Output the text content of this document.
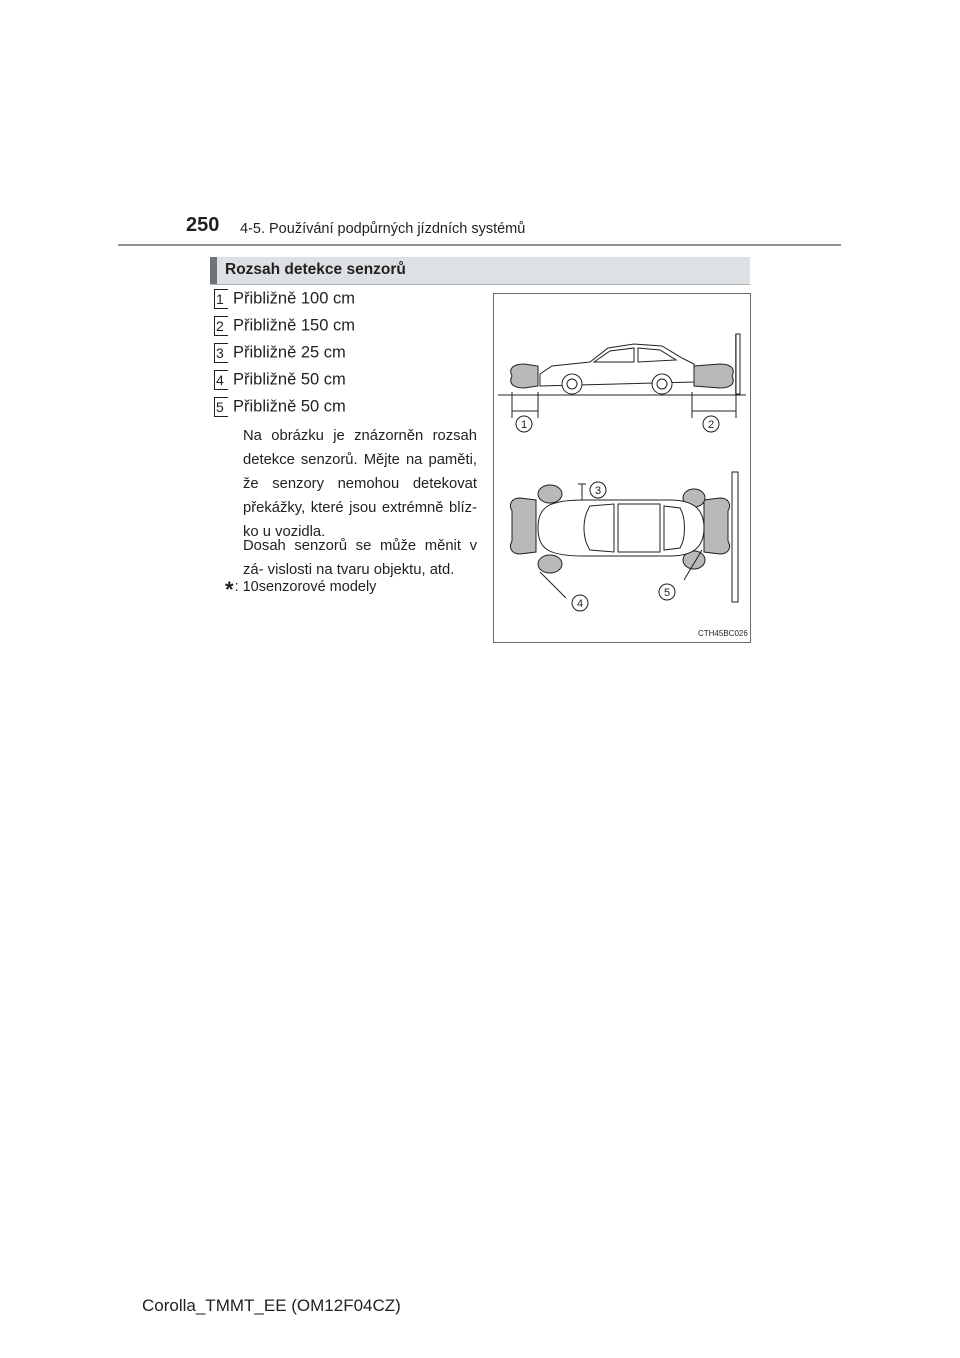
250 4-5. Používání podpůrných jízdních systémů
Rozsah detekce senzorů
1 Přibližně 100 cm
2 Přibližně 150 cm
3 Přibližně 25 cm
4 Přibližně 50 cm
5 Přibližně 50 cm
Na obrázku je znázorněn rozsah detekce senzorů. Mějte na paměti, že senzory nemohou detekovat překážky, které jsou extrémně blíz- ko u vozidla.
Dosah senzorů se může měnit v zá- vislosti na tvaru objektu, atd.
*: 10senzorové modely
1	2
3
4
5
CTH45BC026
Corolla_TMMT_EE (OM12F04CZ)
